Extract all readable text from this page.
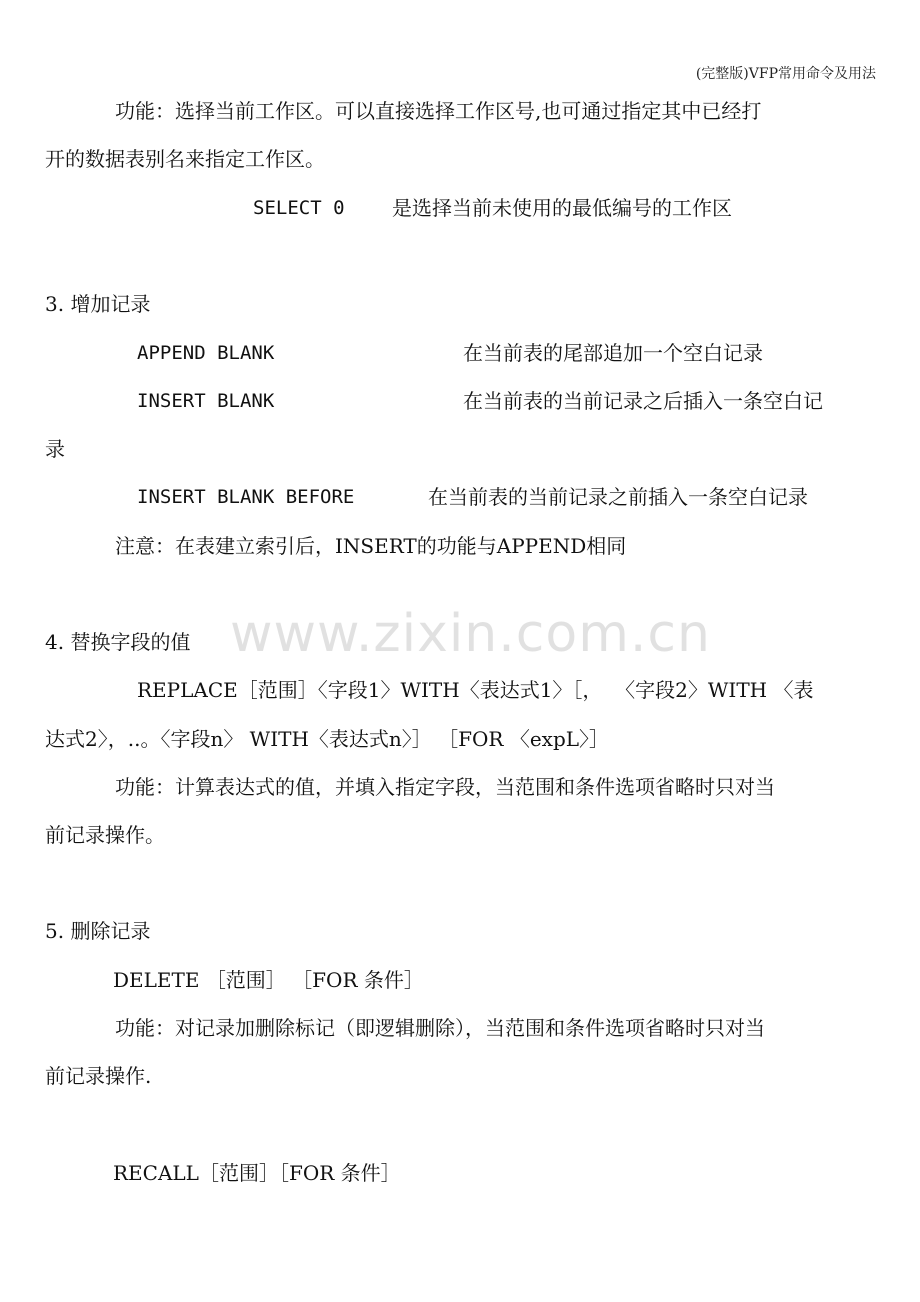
(完整版)VFP常用命令及用法
www.zixin.com.cn
功能：选择当前工作区。可以直接选择工作区号,也可通过指定其中已经打
开的数据表别名来指定工作区。
SELECT 0 是选择当前未使用的最低编号的工作区
3. 增加记录
APPEND BLANK	在当前表的尾部追加一个空白记录
INSERT BLANK	在当前表的当前记录之后插入一条空白记
录
INSERT BLANK BEFORE	在当前表的当前记录之前插入一条空白记录
注意：在表建立索引后，INSERT的功能与APPEND相同
4. 替换字段的值
REPLACE［范围］〈字段1〉WITH〈表达式1〉［，  〈字段2〉WITH 〈表
达式2〉，..。〈字段n〉 WITH〈表达式n〉］ ［FOR 〈expL〉］
功能：计算表达式的值，并填入指定字段，当范围和条件选项省略时只对当
前记录操作。
5. 删除记录
DELETE ［范围］ ［FOR 条件］
功能：对记录加删除标记（即逻辑删除），当范围和条件选项省略时只对当
前记录操作.
RECALL［范围］［FOR 条件］
